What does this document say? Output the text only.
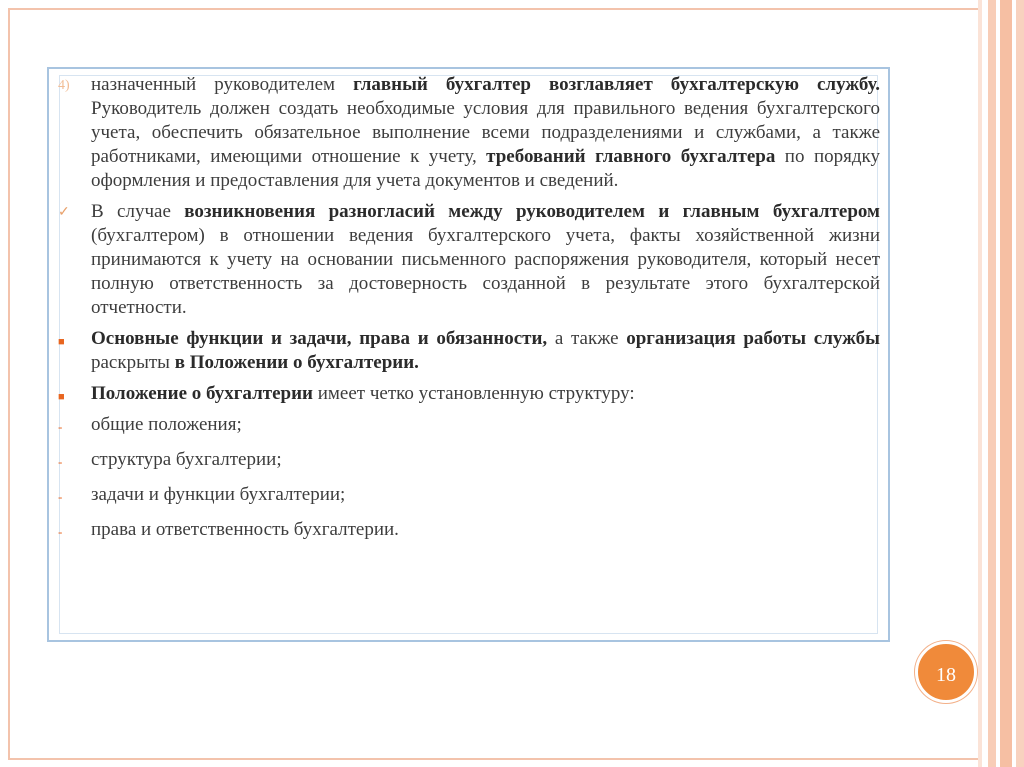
4) назначенный руководителем главный бухгалтер возглавляет бухгалтерскую службу. Руководитель должен создать необходимые условия для правильного ведения бухгалтерского учета, обеспечить обязательное выполнение всеми подразделениями и службами, а также работниками, имеющими отношение к учету, требований главного бухгалтера по порядку оформления и предоставления для учета документов и сведений.
✓ В случае возникновения разногласий между руководителем и главным бухгалтером (бухгалтером) в отношении ведения бухгалтерского учета, факты хозяйственной жизни принимаются к учету на основании письменного распоряжения руководителя, который несет полную ответственность за достоверность созданной в результате этого бухгалтерской отчетности.
■ Основные функции и задачи, права и обязанности, а также организация работы службы раскрыты в Положении о бухгалтерии.
■ Положение о бухгалтерии имеет четко установленную структуру:
- общие положения;
- структура бухгалтерии;
- задачи и функции бухгалтерии;
- права и ответственность бухгалтерии.
18
